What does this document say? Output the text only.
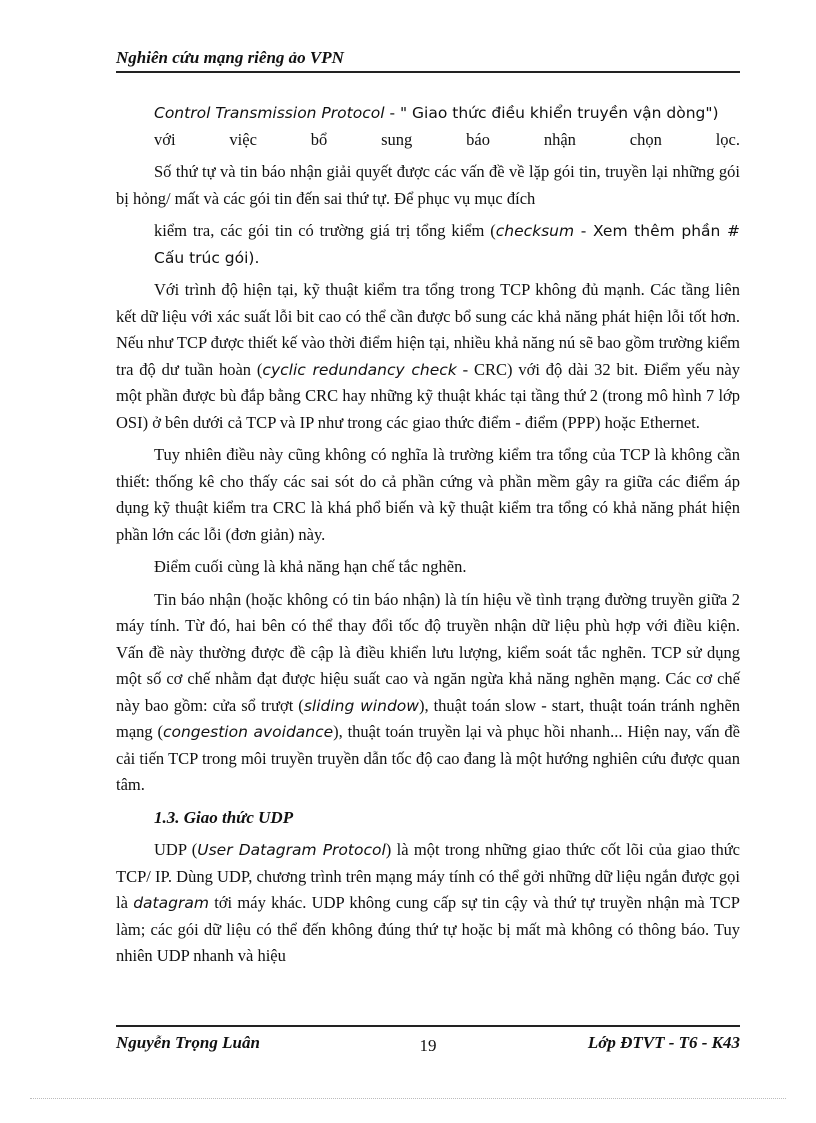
Nghiên cứu mạng riêng ảo VPN

Control Transmission Protocol - " Giao thức điều khiển truyền vận dòng")

với việc bổ sung báo nhận chọn lọc.

Số thứ tự và tin báo nhận giải quyết được các vấn đề về lặp gói tin, truyền lại những gói bị hỏng/ mất và các gói tin đến sai thứ tự. Để phục vụ mục đích

kiểm tra, các gói tin có trường giá trị tổng kiểm (checksum - Xem thêm phần # Cấu trúc gói).

Với trình độ hiện tại, kỹ thuật kiểm tra tổng trong TCP không đủ mạnh. Các tầng liên kết dữ liệu với xác suất lỗi bit cao có thể cần được bổ sung các khả năng phát hiện lỗi tốt hơn. Nếu như TCP được thiết kế vào thời điểm hiện tại, nhiều khả năng nú sẽ bao gồm trường kiểm tra độ dư tuần hoàn (cyclic redundancy check - CRC) với độ dài 32 bit. Điểm yếu này một phần được bù đắp bằng CRC hay những kỹ thuật khác tại tầng thứ 2 (trong mô hình 7 lớp OSI) ở bên dưới cả TCP và IP như trong các giao thức điểm - điểm (PPP) hoặc Ethernet.

Tuy nhiên điều này cũng không có nghĩa là trường kiểm tra tổng của TCP là không cần thiết: thống kê cho thấy các sai sót do cả phần cứng và phần mềm gây ra giữa các điểm áp dụng kỹ thuật kiểm tra CRC là khá phổ biến và kỹ thuật kiểm tra tổng có khả năng phát hiện phần lớn các lỗi (đơn giản) này.

Điểm cuối cùng là khả năng hạn chế tắc nghẽn.

Tin báo nhận (hoặc không có tin báo nhận) là tín hiệu về tình trạng đường truyền giữa 2 máy tính. Từ đó, hai bên có thể thay đổi tốc độ truyền nhận dữ liệu phù hợp với điều kiện. Vấn đề này thường được đề cập là điều khiển lưu lượng, kiểm soát tắc nghẽn. TCP sử dụng một số cơ chế nhằm đạt được hiệu suất cao và ngăn ngừa khả năng nghẽn mạng. Các cơ chế này bao gồm: cửa sổ trượt (sliding window), thuật toán slow - start, thuật toán tránh nghẽn mạng (congestion avoidance), thuật toán truyền lại và phục hồi nhanh... Hiện nay, vấn đề cải tiến TCP trong môi truyền truyền dẫn tốc độ cao đang là một hướng nghiên cứu được quan tâm.

1.3. Giao thức UDP

UDP (User Datagram Protocol) là một trong những giao thức cốt lõi của giao thức TCP/ IP. Dùng UDP, chương trình trên mạng máy tính có thể gởi những dữ liệu ngắn được gọi là datagram tới máy khác. UDP không cung cấp sự tin cậy và thứ tự truyền nhận mà TCP làm; các gói dữ liệu có thể đến không đúng thứ tự hoặc bị mất mà không có thông báo. Tuy nhiên UDP nhanh và hiệu

Nguyễn Trọng Luân	19	Lớp ĐTVT - T6 - K43
